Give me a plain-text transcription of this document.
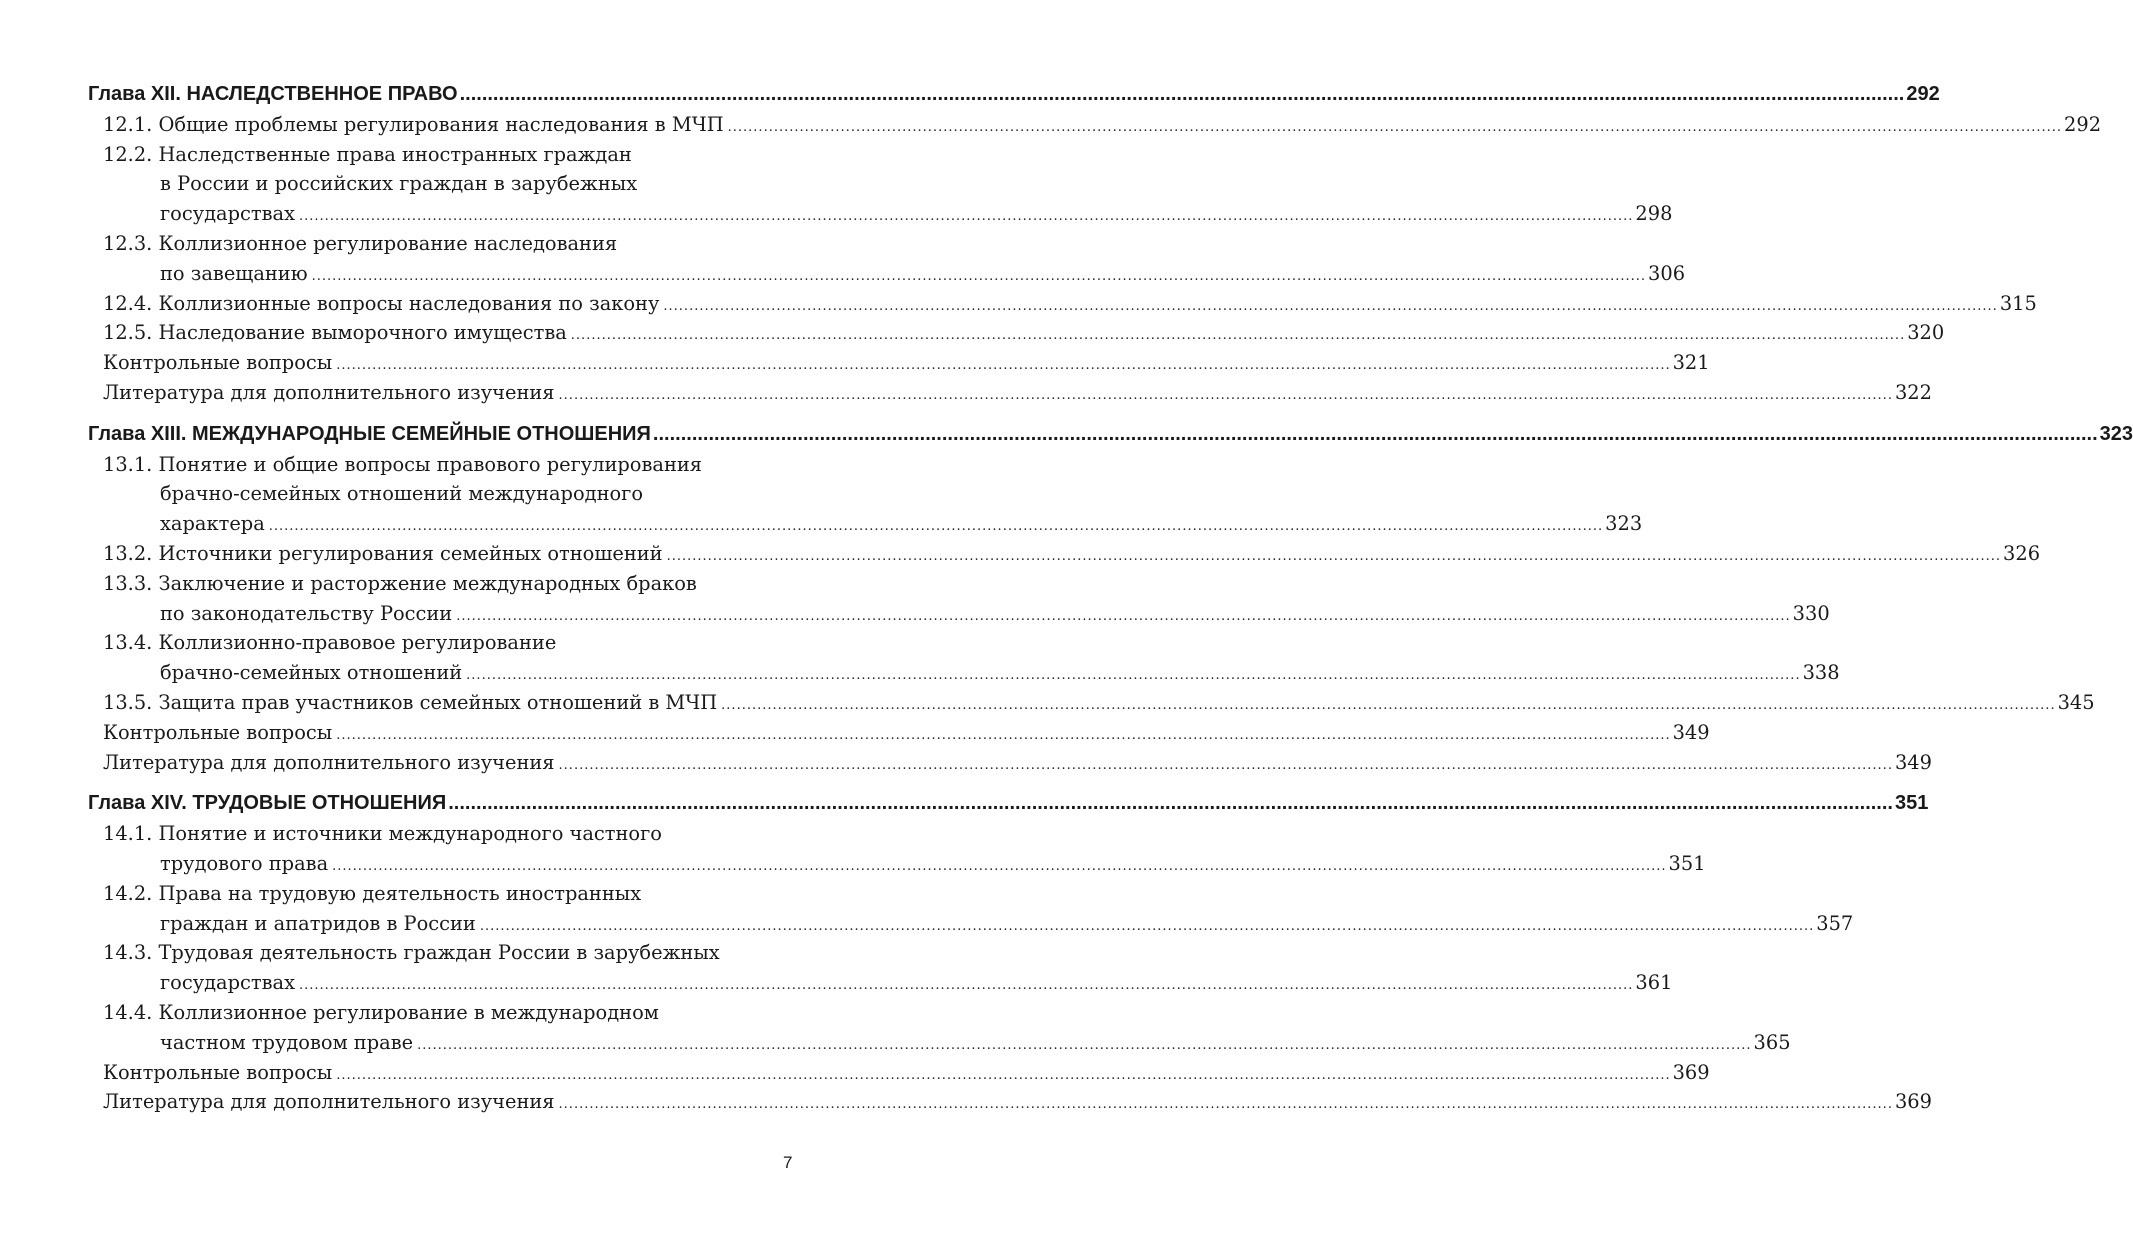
Глава XII. НАСЛЕДСТВЕННОЕ ПРАВО .................................................................................................................................................................................................................................................................... 292
12.1. Общие проблемы регулирования наследования в МЧП .................................................................................................................................................................................................................................................................... 292
12.2. Наследственные права иностранных граждан
в России и российских граждан в зарубежных
государствах .................................................................................................................................................................................................................................................................... 298
12.3. Коллизионное регулирование наследования
по завещанию .................................................................................................................................................................................................................................................................... 306
12.4. Коллизионные вопросы наследования по закону .................................................................................................................................................................................................................................................................... 315
12.5. Наследование выморочного имущества .................................................................................................................................................................................................................................................................... 320
Контрольные вопросы .................................................................................................................................................................................................................................................................... 321
Литература для дополнительного изучения .................................................................................................................................................................................................................................................................... 322
Глава XIII. МЕЖДУНАРОДНЫЕ СЕМЕЙНЫЕ ОТНОШЕНИЯ .................................................................................................................................................................................................................................................................... 323
13.1. Понятие и общие вопросы правового регулирования
брачно-семейных отношений международного
характера .................................................................................................................................................................................................................................................................... 323
13.2. Источники регулирования семейных отношений .................................................................................................................................................................................................................................................................... 326
13.3. Заключение и расторжение международных браков
по законодательству России .................................................................................................................................................................................................................................................................... 330
13.4. Коллизионно-правовое регулирование
брачно-семейных отношений .................................................................................................................................................................................................................................................................... 338
13.5. Защита прав участников семейных отношений в МЧП .................................................................................................................................................................................................................................................................... 345
Контрольные вопросы .................................................................................................................................................................................................................................................................... 349
Литература для дополнительного изучения .................................................................................................................................................................................................................................................................... 349
Глава XIV. ТРУДОВЫЕ ОТНОШЕНИЯ .................................................................................................................................................................................................................................................................... 351
14.1. Понятие и источники международного частного
трудового права .................................................................................................................................................................................................................................................................... 351
14.2. Права на трудовую деятельность иностранных
граждан и апатридов в России .................................................................................................................................................................................................................................................................... 357
14.3. Трудовая деятельность граждан России в зарубежных
государствах .................................................................................................................................................................................................................................................................... 361
14.4. Коллизионное регулирование в международном
частном трудовом праве .................................................................................................................................................................................................................................................................... 365
Контрольные вопросы .................................................................................................................................................................................................................................................................... 369
Литература для дополнительного изучения .................................................................................................................................................................................................................................................................... 369
7
